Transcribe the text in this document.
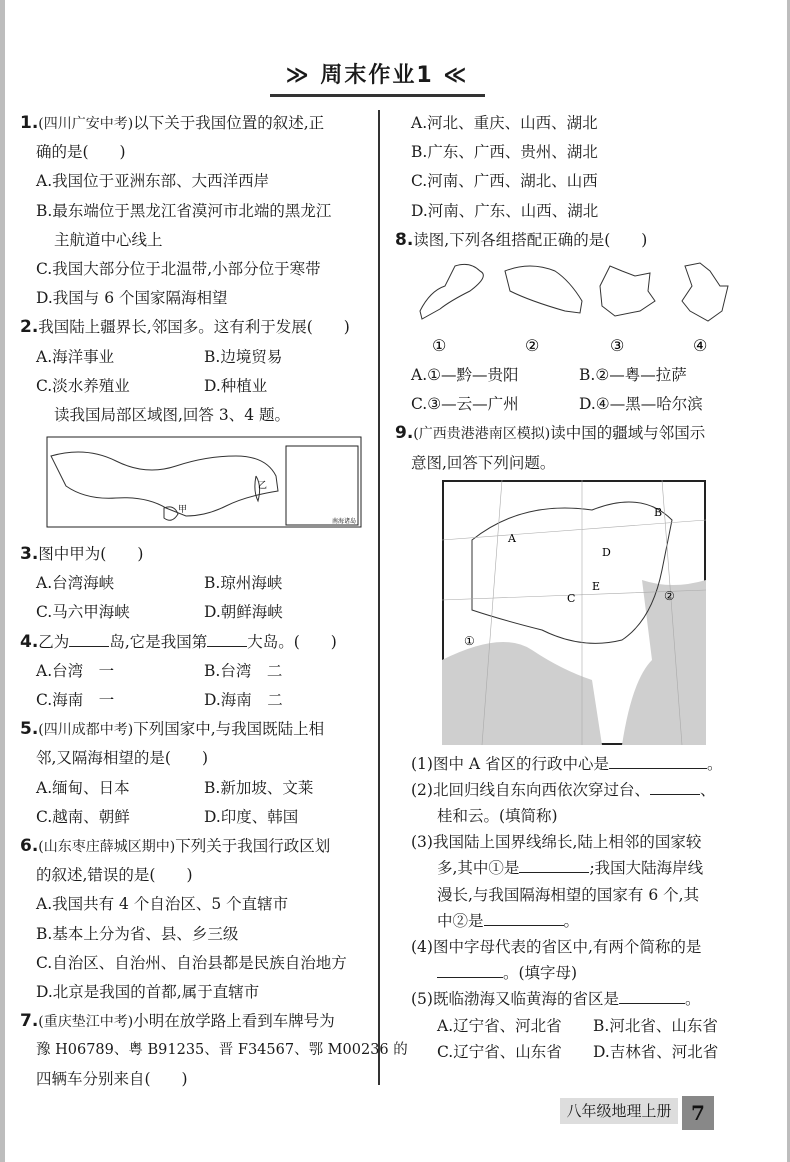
≫ 周末作业1 ≪
1.(四川广安中考)以下关于我国位置的叙述,正
确的是(　　)
A.我国位于亚洲东部、大西洋西岸
B.最东端位于黑龙江省漠河市北端的黑龙江
主航道中心线上
C.我国大部分位于北温带,小部分位于寒带
D.我国与 6 个国家隔海相望
2.我国陆上疆界长,邻国多。这有利于发展(　　)
A.海洋事业	B.边境贸易
C.淡水养殖业	D.种植业
读我国局部区域图,回答 3、4 题。
甲
乙
南海诸岛
3.图中甲为(　　)
A.台湾海峡	B.琼州海峡
C.马六甲海峡	D.朝鲜海峡
4.乙为	岛,它是我国第	大岛。(　　)
A.台湾　一	B.台湾　二
C.海南　一	D.海南　二
5.(四川成都中考)下列国家中,与我国既陆上相
邻,又隔海相望的是(　　)
A.缅甸、日本	B.新加坡、文莱
C.越南、朝鲜	D.印度、韩国
6.(山东枣庄薛城区期中)下列关于我国行政区划
的叙述,错误的是(　　)
A.我国共有 4 个自治区、5 个直辖市
B.基本上分为省、县、乡三级
C.自治区、自治州、自治县都是民族自治地方
D.北京是我国的首都,属于直辖市
7.(重庆垫江中考)小明在放学路上看到车牌号为
豫 H06789、粤 B91235、晋 F34567、鄂 M00236 的
四辆车分别来自(　　)
A.河北、重庆、山西、湖北
B.广东、广西、贵州、湖北
C.河南、广西、湖北、山西
D.河南、广东、山西、湖北
8.读图,下列各组搭配正确的是(　　)
①	②	③	④
A.①—黔—贵阳	B.②—粤—拉萨
C.③—云—广州	D.④—黑—哈尔滨
9.(广西贵港港南区模拟)读中国的疆域与邻国示
意图,回答下列问题。
A
B
C
D
E
①
②
(1)图中 A 省区的行政中心是	。
(2)北回归线自东向西依次穿过台、	、
桂和云。(填简称)
(3)我国陆上国界线绵长,陆上相邻的国家较
多,其中①是	;我国大陆海岸线
漫长,与我国隔海相望的国家有 6 个,其
中②是	。
(4)图中字母代表的省区中,有两个简称的是
。(填字母)
(5)既临渤海又临黄海的省区是	。
A.辽宁省、河北省	B.河北省、山东省
C.辽宁省、山东省	D.吉林省、河北省
八年级地理上册 7
